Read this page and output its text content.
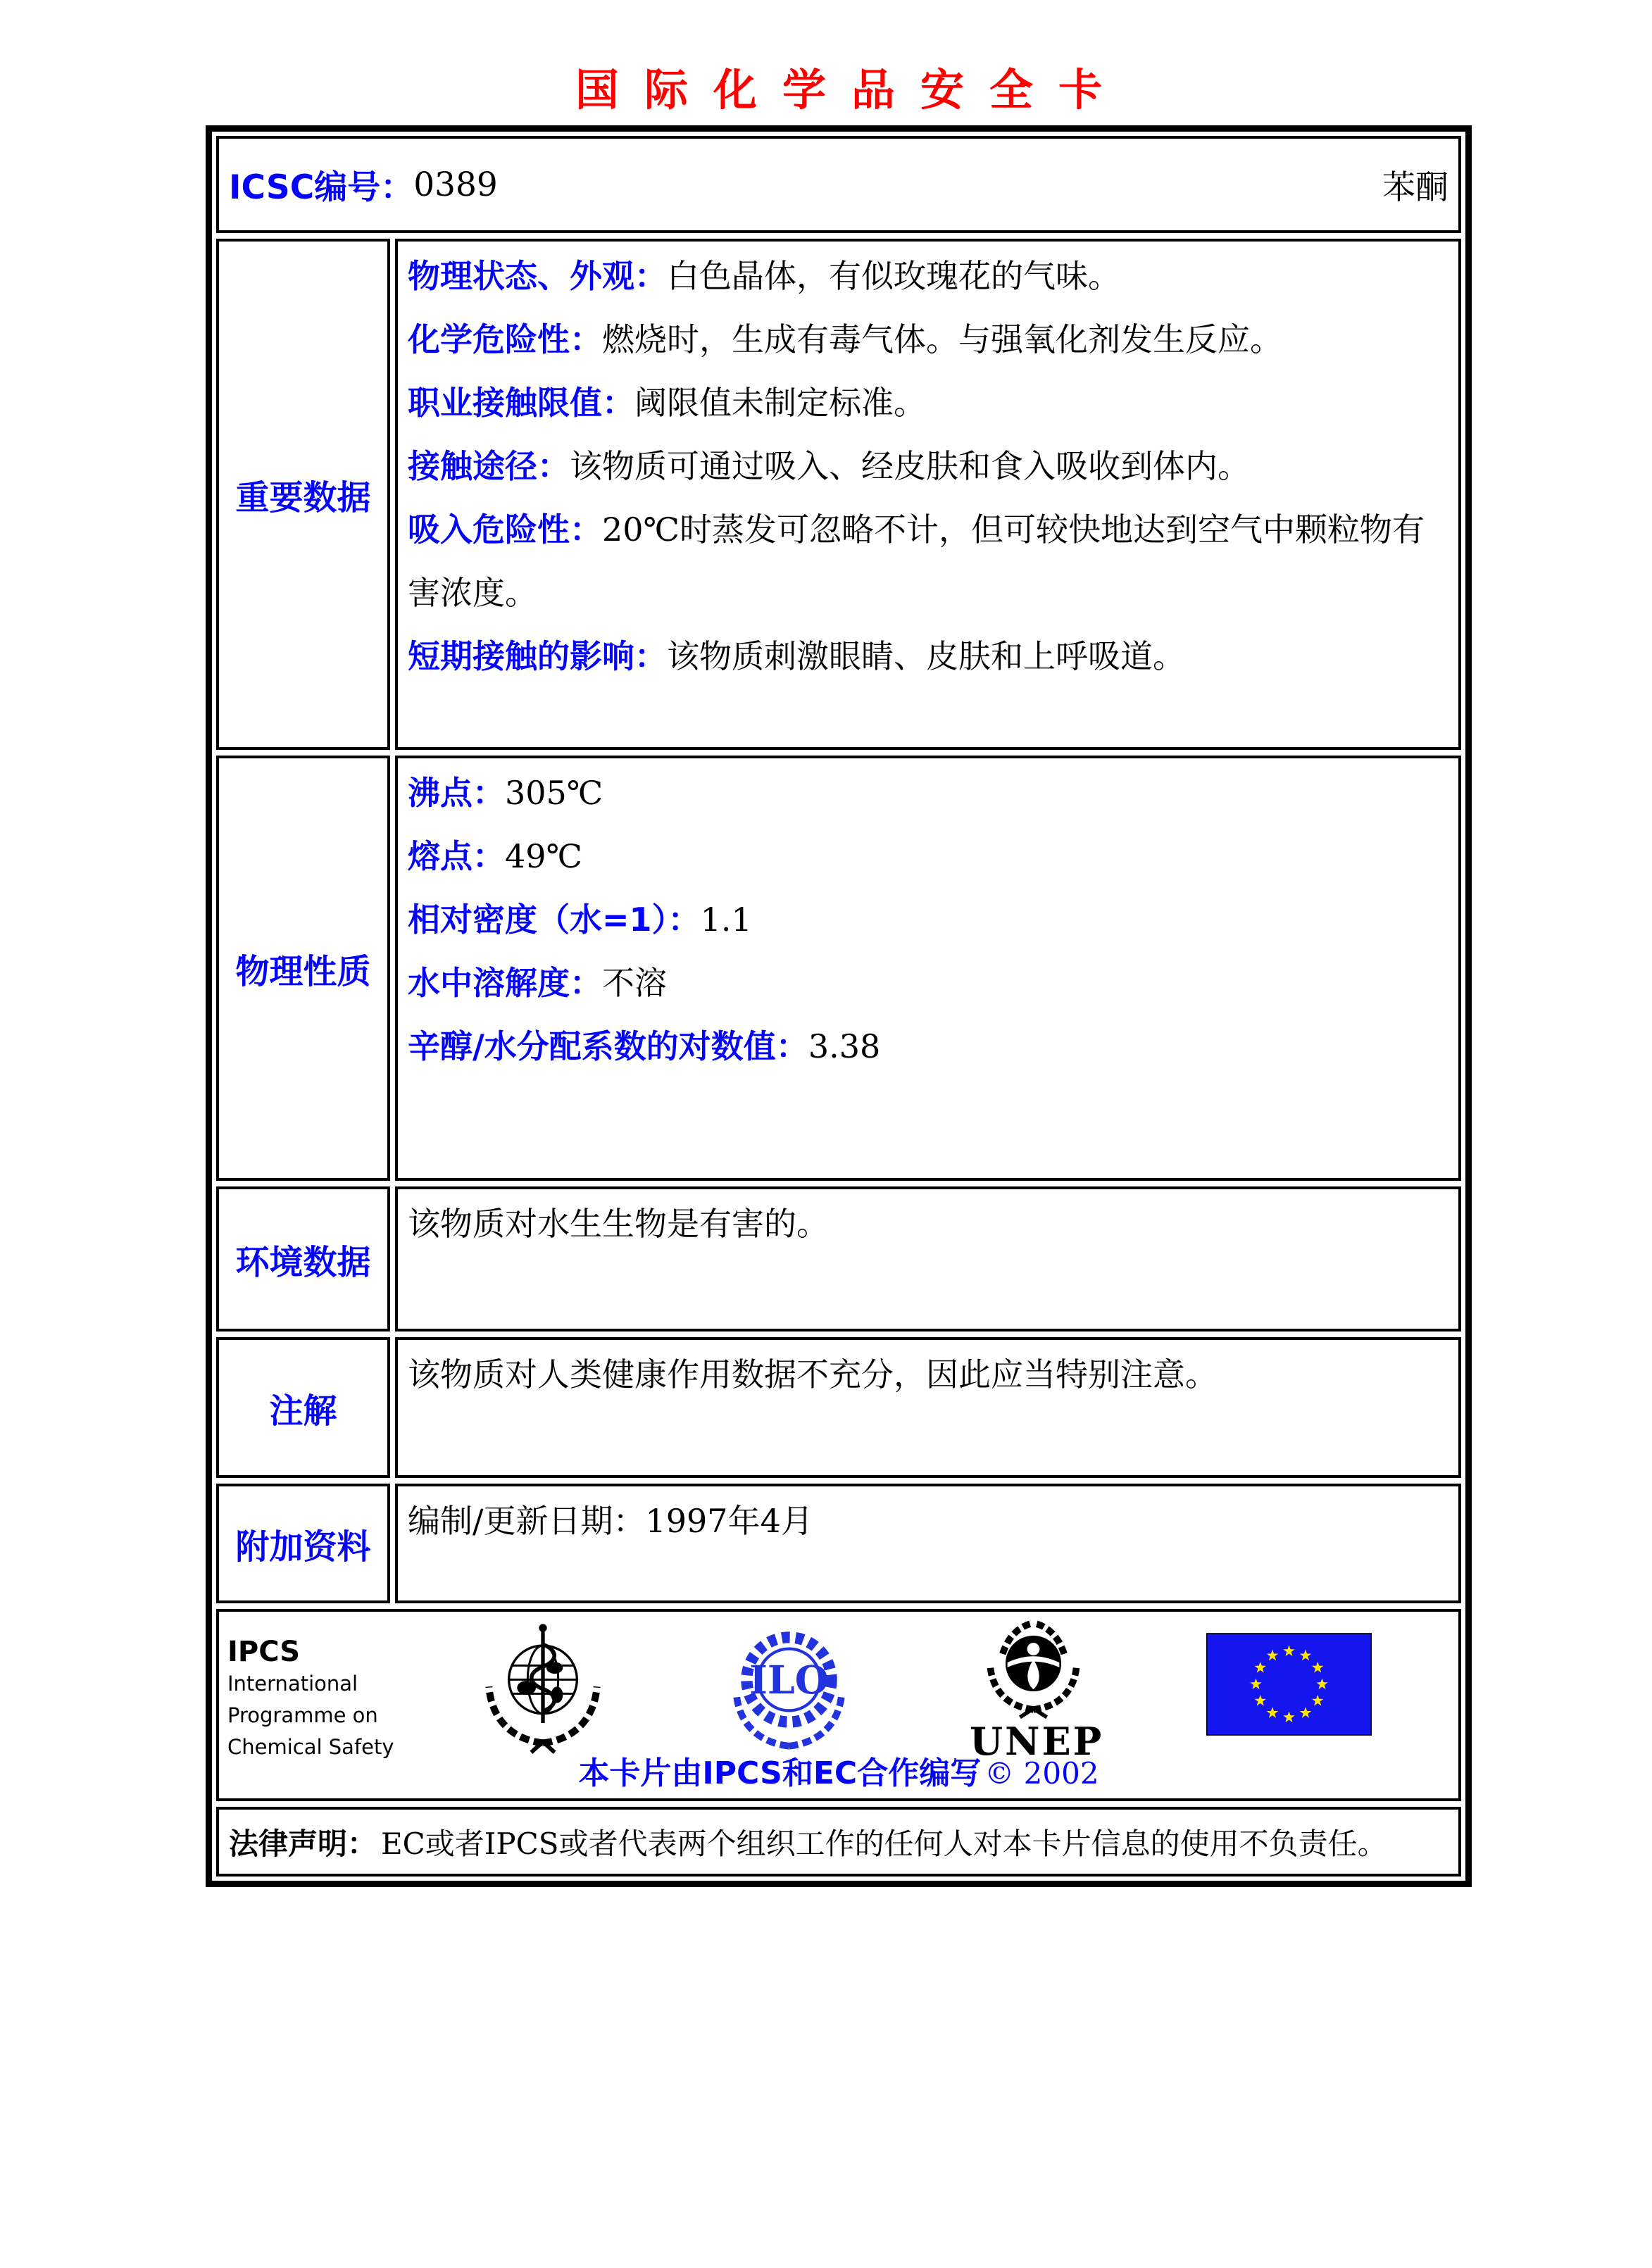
国际化学品安全卡
ICSC编号： 0389	苯酮
重要数据
物理状态、外观：白色晶体，有似玫瑰花的气味。
化学危险性：燃烧时，生成有毒气体。与强氧化剂发生反应。
职业接触限值：阈限值未制定标准。
接触途径：该物质可通过吸入、经皮肤和食入吸收到体内。
吸入危险性：20℃时蒸发可忽略不计，但可较快地达到空气中颗粒物有害浓度。
短期接触的影响：该物质刺激眼睛、皮肤和上呼吸道。
物理性质
沸点：305℃
熔点：49℃
相对密度（水=1）：1.1
水中溶解度：不溶
辛醇/水分配系数的对数值：3.38
环境数据
该物质对水生生物是有害的。
注解
该物质对人类健康作用数据不充分，因此应当特别注意。
附加资料
编制/更新日期：1997年4月
IPCS
International
Programme on
Chemical Safety
ILO
UNEP
本卡片由IPCS和EC合作编写 © 2002
法律声明： EC或者IPCS或者代表两个组织工作的任何人对本卡片信息的使用不负责任。
